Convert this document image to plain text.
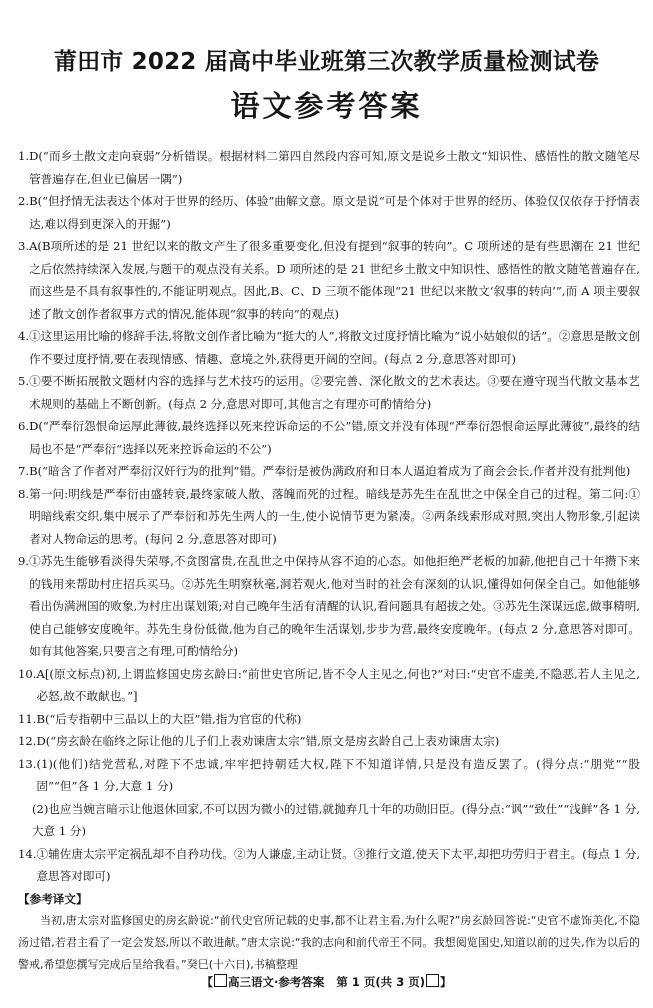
莆田市 2022 届高中毕业班第三次教学质量检测试卷
语文参考答案
1. D(“而乡土散文走向衰弱”分析错误。根据材料二第四自然段内容可知,原文是说乡土散文“知识性、感悟性的散文随笔尽管普遍存在,但业已偏居一隅”)
2. B(“但抒情无法表达个体对于世界的经历、体验”曲解文意。原文是说“可是个体对于世界的经历、体验仅仅依存于抒情表达,难以得到更深入的开掘”)
3. A(B项所述的是 21 世纪以来的散文产生了很多重要变化,但没有提到“叙事的转向”。C 项所述的是有些思潮在 21 世纪之后依然持续深入发展,与题干的观点没有关系。D 项所述的是 21 世纪乡土散文中知识性、感悟性的散文随笔普遍存在,而这些是不具有叙事性的,不能证明观点。因此,B、C、D 三项不能体现“21 世纪以来散文‘叙事的转向’”,而 A 项主要叙述了散文创作者叙事方式的情况,能体现“叙事的转向”的观点)
4. ①这里运用比喻的修辞手法,将散文创作者比喻为“挺大的人”,将散文过度抒情比喻为“说小姑娘似的话”。②意思是散文创作不要过度抒情,要在表现情感、情趣、意境之外,获得更开阔的空间。(每点 2 分,意思答对即可)
5. ①要不断拓展散文题材内容的选择与艺术技巧的运用。②要完善、深化散文的艺术表达。③要在遵守现当代散文基本艺术规则的基础上不断创新。(每点 2 分,意思对即可,其他言之有理亦可酌情给分)
6. D(“严奉衍怨恨命运厚此薄彼,最终选择以死来控诉命运的不公”错,原文并没有体现“严奉衍怨恨命运厚此薄彼”,最终的结局也不是“严奉衍“选择以死来控诉命运的不公”)
7. B(“暗含了作者对严奉衍汉奸行为的批判”错。严奉衍是被伪满政府和日本人逼迫着成为了商会会长,作者并没有批判他)
8. 第一问:明线是严奉衍由盛转衰,最终家破人散、落魄而死的过程。暗线是苏先生在乱世之中保全自己的过程。第二问:①明暗线索交织,集中展示了严奉衍和苏先生两人的一生,使小说情节更为紧凑。②两条线索形成对照,突出人物形象,引起读者对人物命运的思考。(每问 2 分,意思答对即可)
9. ①苏先生能够看淡得失荣辱,不贪图富贵,在乱世之中保持从容不迫的心态。如他拒绝严老板的加薪,他把自己十年攒下来的钱用来帮助村庄招兵买马。②苏先生明察秋毫,洞若观火,他对当时的社会有深刻的认识,懂得如何保全自己。如他能够看出伪满洲国的败象,为村庄出谋划策;对自己晚年生活有清醒的认识,看问题具有超拔之处。③苏先生深谋远虑,做事精明,使自己能够安度晚年。苏先生身份低微,他为自己的晚年生活谋划,步步为营,最终安度晚年。(每点 2 分,意思答对即可。如有其他答案,只要言之有理,可酌情给分)
10. A[(原文标点)初,上谓监修国史房玄龄曰:“前世史官所记,皆不令人主见之,何也?”对曰:“史官不虚美,不隐恶,若人主见之,必怒,故不敢献也。”]
11. B(“后专指朝中三品以上的大臣”错,指为官宦的代称)
12. D(“房玄龄在临终之际让他的儿子们上表劝谏唐太宗”错,原文是房玄龄自己上表劝谏唐太宗)
13. (1)(他们)结党营私,对陛下不忠诚,牢牢把持朝廷大权,陛下不知道详情,只是没有造反罢了。(得分点:“朋党”“股固”“但”各 1 分,大意 1 分)
(2)也应当婉言暗示让他退休回家,不可以因为微小的过错,就抛弃几十年的功勋旧臣。(得分点:“讽”“致仕”“浅鲜”各 1 分,大意 1 分)
14. ①辅佐唐太宗平定祸乱却不自矜功伐。②为人谦虚,主动让贤。③推行文道,使天下太平,却把功劳归于君主。(每点 1 分,意思答对即可)
【参考译文】
当初,唐太宗对监修国史的房玄龄说:“前代史官所记载的史事,都不让君主看,为什么呢?”房玄龄回答说:“史官不虚饰美化,不隐汤过错,若君主看了一定会发怒,所以不敢进献。”唐太宗说:“我的志向和前代帝王不同。我想阅览国史,知道以前的过失,作为以后的警戒,希望您撰写完成后呈给我看。”癸巳(十六日),书稿整理
【 高三语文·参考答案 第 1 页(共 3 页) 】
